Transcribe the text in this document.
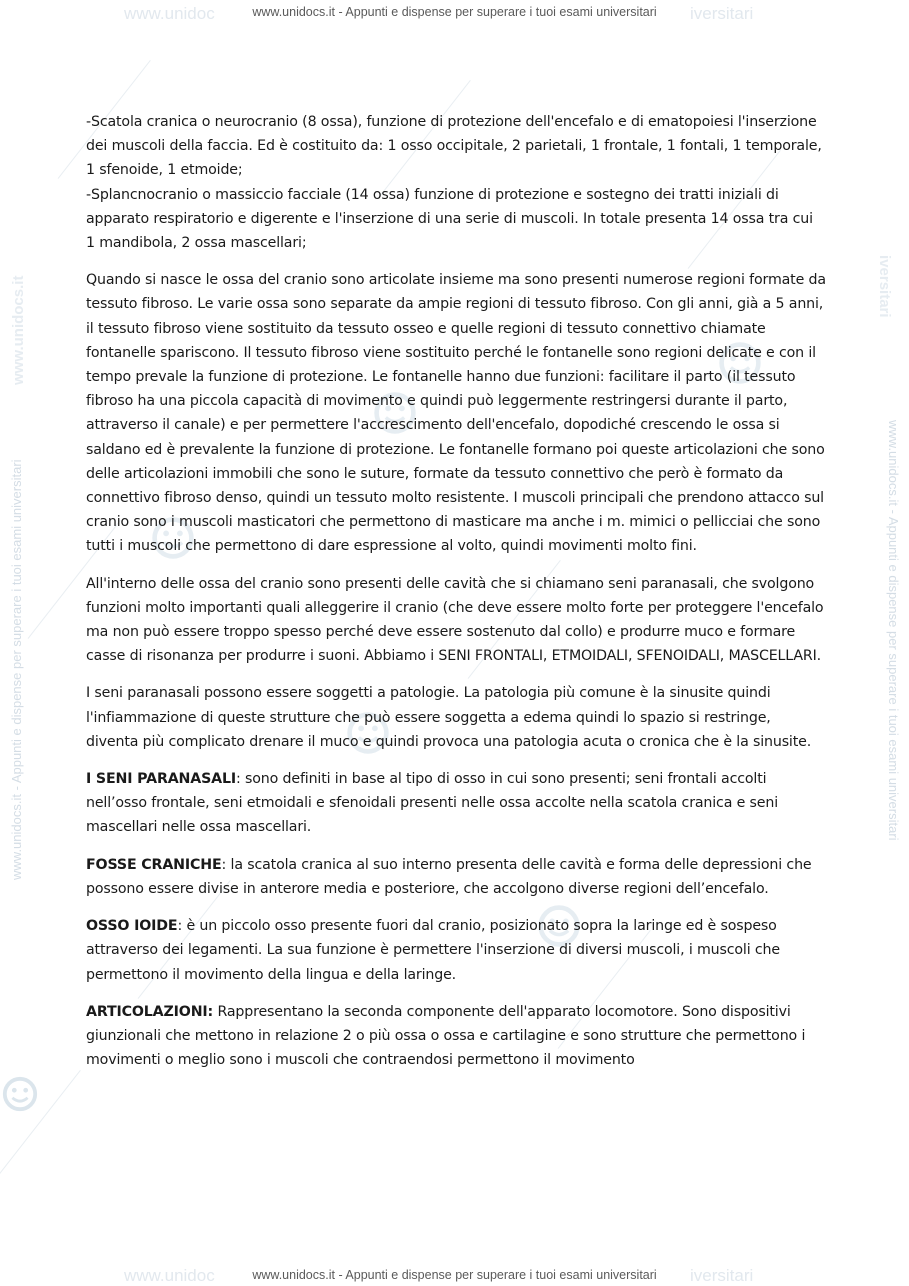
www.unidoc	iversitari
www.unidocs.it - Appunti e dispense per superare i tuoi esami universitari
www.unidoc	iversitari
www.unidocs.it - Appunti e dispense per superare i tuoi esami universitari
www.unidocs.it - Appunti e dispense per superare i tuoi esami universitari	www.unidocs.it - Appunti e dispense per superare i tuoi esami universitari
www.unidocs.it	iversitari

-Scatola cranica o neurocranio (8 ossa), funzione di protezione dell'encefalo e di ematopoiesi l'inserzione dei muscoli della faccia. Ed è costituito da: 1 osso occipitale, 2 parietali, 1 frontale, 1 fontali, 1 temporale, 1 sfenoide, 1 etmoide;

-Splancnocranio o massiccio facciale (14 ossa) funzione di protezione e sostegno dei tratti iniziali di apparato respiratorio e digerente e l'inserzione di una serie di muscoli. In totale presenta 14 ossa tra cui 1 mandibola, 2 ossa mascellari;

Quando si nasce le ossa del cranio sono articolate insieme ma sono presenti numerose regioni formate da tessuto fibroso. Le varie ossa sono separate da ampie regioni di tessuto fibroso. Con gli anni, già a 5 anni, il tessuto fibroso viene sostituito da tessuto osseo e quelle regioni di tessuto connettivo chiamate fontanelle spariscono. Il tessuto fibroso viene sostituito perché le fontanelle sono regioni delicate e con il tempo prevale la funzione di protezione. Le fontanelle hanno due funzioni: facilitare il parto (il tessuto fibroso ha una piccola capacità di movimento e quindi può leggermente restringersi durante il parto, attraverso il canale) e per permettere l'accrescimento dell'encefalo, dopodiché crescendo le ossa si saldano ed è prevalente la funzione di protezione. Le fontanelle formano poi queste articolazioni che sono delle articolazioni immobili che sono le suture, formate da tessuto connettivo che però è formato da connettivo fibroso denso, quindi un tessuto molto resistente. I muscoli principali che prendono attacco sul cranio sono i muscoli masticatori che permettono di masticare ma anche i m. mimici o pellicciai che sono tutti i muscoli che permettono di dare espressione al volto, quindi movimenti molto fini.

All'interno delle ossa del cranio sono presenti delle cavità che si chiamano seni paranasali, che svolgono funzioni molto importanti quali alleggerire il cranio (che deve essere molto forte per proteggere l'encefalo ma non può essere troppo spesso perché deve essere sostenuto dal collo) e produrre muco e formare casse di risonanza per produrre i suoni. Abbiamo i SENI FRONTALI, ETMOIDALI, SFENOIDALI, MASCELLARI.

I seni paranasali possono essere soggetti a patologie. La patologia più comune è la sinusite quindi l'infiammazione di queste strutture che può essere soggetta a edema quindi lo spazio si restringe, diventa più complicato drenare il muco e quindi provoca una patologia acuta o cronica che è la sinusite.

I SENI PARANASALI: sono definiti in base al tipo di osso in cui sono presenti; seni frontali accolti nell’osso frontale, seni etmoidali e sfenoidali presenti nelle ossa accolte nella scatola cranica e seni mascellari nelle ossa mascellari.

FOSSE CRANICHE: la scatola cranica al suo interno presenta delle cavità e forma delle depressioni che possono essere divise in anterore media e posteriore, che accolgono diverse regioni dell’encefalo.

OSSO IOIDE: è un piccolo osso presente fuori dal cranio, posizionato sopra la laringe ed è sospeso attraverso dei legamenti. La sua funzione è permettere l'inserzione di diversi muscoli, i muscoli che permettono il movimento della lingua e della laringe.

ARTICOLAZIONI: Rappresentano la seconda componente dell'apparato locomotore. Sono dispositivi giunzionali che mettono in relazione 2 o più ossa o ossa e cartilagine e sono strutture che permettono i movimenti o meglio sono i muscoli che contraendosi permettono il movimento
